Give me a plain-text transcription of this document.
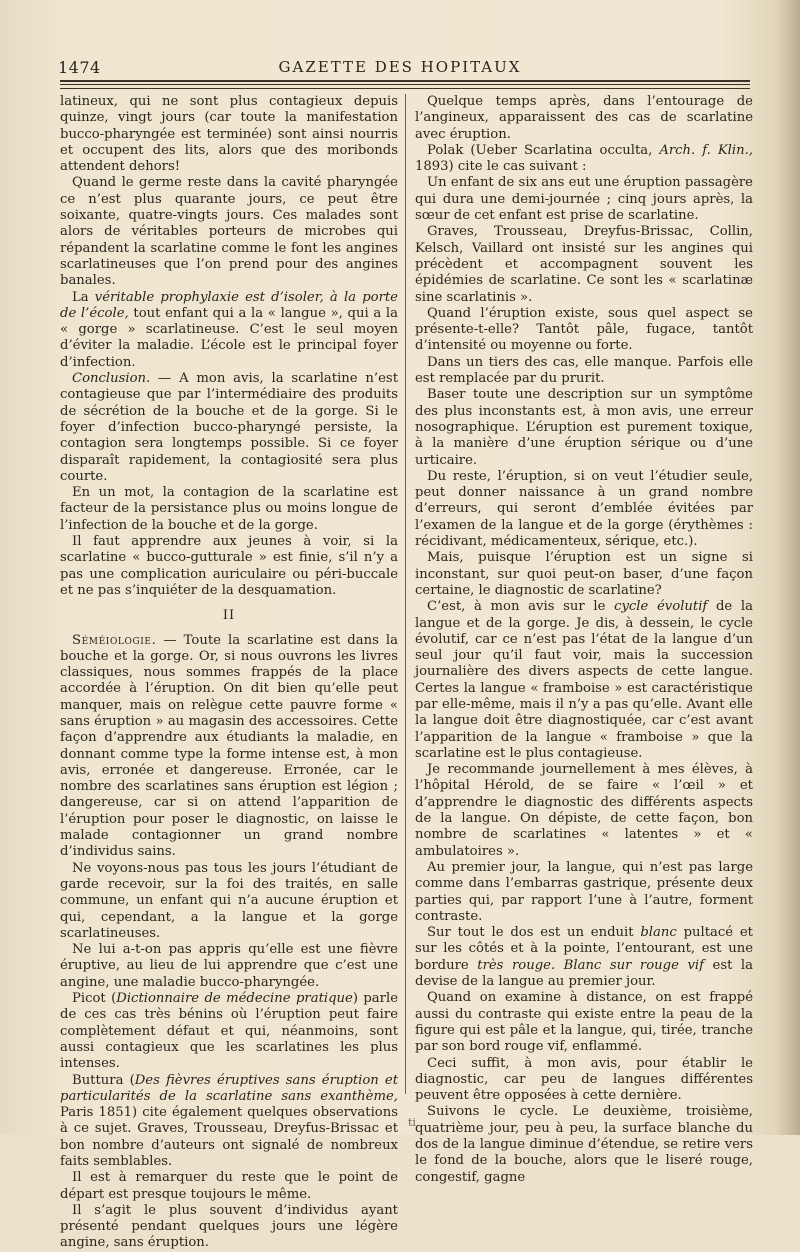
1474	GAZETTE DES HOPITAUX

latineux, qui ne sont plus contagieux depuis quinze, vingt jours (car toute la manifestation bucco-pharyngée est terminée) sont ainsi nourris et occupent des lits, alors que des moribonds attendent dehors!

Quand le germe reste dans la cavité pharyngée ce n’est plus quarante jours, ce peut être soixante, quatre-vingts jours. Ces malades sont alors de véritables porteurs de microbes qui répandent la scarlatine comme le font les angines scarlatineuses que l’on prend pour des angines banales.

La véritable prophylaxie est d’isoler, à la porte de l’école, tout enfant qui a la « langue », qui a la « gorge » scarlatineuse. C’est le seul moyen d’éviter la maladie. L’école est le principal foyer d’infection.

Conclusion. — A mon avis, la scarlatine n’est contagieuse que par l’intermédiaire des produits de sécrétion de la bouche et de la gorge. Si le foyer d’infection bucco-pharyngé persiste, la contagion sera longtemps possible. Si ce foyer disparaît rapidement, la contagiosité sera plus courte.

En un mot, la contagion de la scarlatine est facteur de la persistance plus ou moins longue de l’infection de la bouche et de la gorge.

Il faut apprendre aux jeunes à voir, si la scarlatine « bucco-gutturale » est finie, s’il n’y a pas une complication auriculaire ou péri-buccale et ne pas s’inquiéter de la desquamation.

II

Séméiologie. — Toute la scarlatine est dans la bouche et la gorge. Or, si nous ouvrons les livres classiques, nous sommes frappés de la place accordée à l’éruption. On dit bien qu’elle peut manquer, mais on relègue cette pauvre forme « sans éruption » au magasin des accessoires. Cette façon d’apprendre aux étudiants la maladie, en donnant comme type la forme intense est, à mon avis, erronée et dangereuse. Erronée, car le nombre des scarlatines sans éruption est légion ; dangereuse, car si on attend l’apparition de l’éruption pour poser le diagnostic, on laisse le malade contagionner un grand nombre d’individus sains.

Ne voyons-nous pas tous les jours l’étudiant de garde recevoir, sur la foi des traités, en salle commune, un enfant qui n’a aucune éruption et qui, cependant, a la langue et la gorge scarlatineuses.

Ne lui a-t-on pas appris qu’elle est une fièvre éruptive, au lieu de lui apprendre que c’est une angine, une maladie bucco-pharyngée.

Picot (Dictionnaire de médecine pratique) parle de ces cas très bénins où l’éruption peut faire complètement défaut et qui, néanmoins, sont aussi contagieux que les scarlatines les plus intenses.

Buttura (Des fièvres éruptives sans éruption et particularités de la scarlatine sans exanthème, Paris 1851) cite également quelques observations à ce sujet. Graves, Trousseau, Dreyfus-Brissac et bon nombre d’auteurs ont signalé de nombreux faits semblables.

Il est à remarquer du reste que le point de départ est presque toujours le même.

Il s’agit le plus souvent d’individus ayant présenté pendant quelques jours une légère angine, sans éruption.

Quelque temps après, dans l’entourage de l’angineux, apparaissent des cas de scarlatine avec éruption.

Polak (Ueber Scarlatina occulta, Arch. f. Klin., 1893) cite le cas suivant :

Un enfant de six ans eut une éruption passagère qui dura une demi-journée ; cinq jours après, la sœur de cet enfant est prise de scarlatine.

Graves, Trousseau, Dreyfus-Brissac, Collin, Kelsch, Vaillard ont insisté sur les angines qui précèdent et accompagnent souvent les épidémies de scarlatine. Ce sont les « scarlatinæ sine scarlatinis ».

Quand l’éruption existe, sous quel aspect se présente-t-elle? Tantôt pâle, fugace, tantôt d’intensité ou moyenne ou forte.

Dans un tiers des cas, elle manque. Parfois elle est remplacée par du prurit.

Baser toute une description sur un symptôme des plus inconstants est, à mon avis, une erreur nosographique. L’éruption est purement toxique, à la manière d’une éruption sérique ou d’une urticaire.

Du reste, l’éruption, si on veut l’étudier seule, peut donner naissance à un grand nombre d’erreurs, qui seront d’emblée évitées par l’examen de la langue et de la gorge (érythèmes : récidivant, médicamenteux, sérique, etc.).

Mais, puisque l’éruption est un signe si inconstant, sur quoi peut-on baser, d’une façon certaine, le diagnostic de scarlatine?

C’est, à mon avis sur le cycle évolutif de la langue et de la gorge. Je dis, à dessein, le cycle évolutif, car ce n’est pas l’état de la langue d’un seul jour qu’il faut voir, mais la succession journalière des divers aspects de cette langue. Certes la langue « framboise » est caractéristique par elle-même, mais il n’y a pas qu’elle. Avant elle la langue doit être diagnostiquée, car c’est avant l’apparition de la langue « framboise » que la scarlatine est le plus contagieuse.

Je recommande journellement à mes élèves, à l’hôpital Hérold, de se faire « l’œil » et d’apprendre le diagnostic des différents aspects de la langue. On dépiste, de cette façon, bon nombre de scarlatines « latentes » et « ambulatoires ».

Au premier jour, la langue, qui n’est pas large comme dans l’embarras gastrique, présente deux parties qui, par rapport l’une à l’autre, forment contraste.

Sur tout le dos est un enduit blanc pultacé et sur les côtés et à la pointe, l’entourant, est une bordure très rouge. Blanc sur rouge vif est la devise de la langue au premier jour.

Quand on examine à distance, on est frappé aussi du contraste qui existe entre la peau de la figure qui est pâle et la langue, qui, tirée, tranche par son bord rouge vif, enflammé.

Ceci suffit, à mon avis, pour établir le diagnostic, car peu de langues différentes peuvent être opposées à cette dernière.

Suivons le cycle. Le deuxième, troisième, quatrième jour, peu à peu, la surface blanche du dos de la langue diminue d’étendue, se retire vers le fond de la bouche, alors que le liseré rouge, congestif, gagne

ti
